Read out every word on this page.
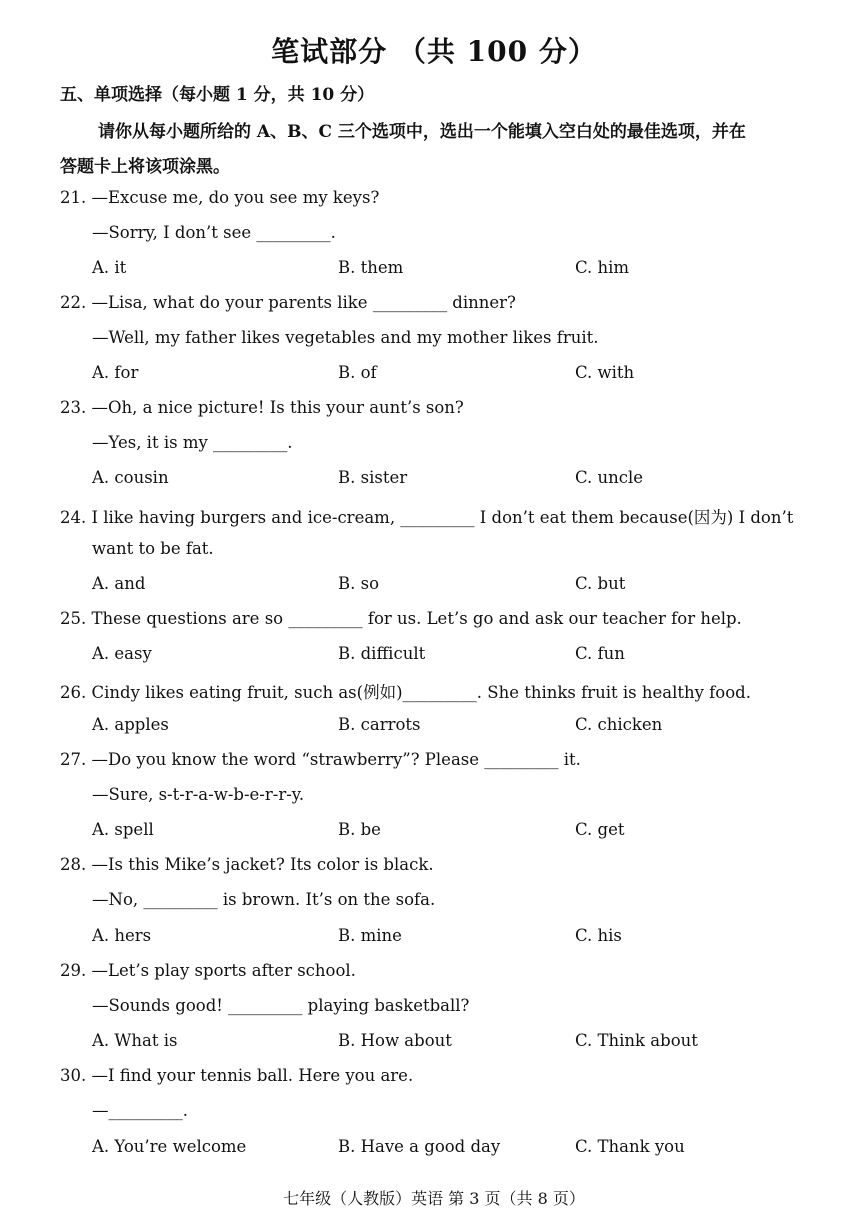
笔试部分 （共 100 分）
五、单项选择（每小题 1 分，共 10 分）
请你从每小题所给的 A、B、C 三个选项中，选出一个能填入空白处的最佳选项，并在
答题卡上将该项涂黑。
21. —Excuse me, do you see my keys?
—Sorry, I don’t see _________.
A. it	B. them	C. him
22. —Lisa, what do your parents like _________ dinner?
—Well, my father likes vegetables and my mother likes fruit.
A. for	B. of	C. with
23. —Oh, a nice picture! Is this your aunt’s son?
—Yes, it is my _________.
A. cousin	B. sister	C. uncle
24. I like having burgers and ice-cream, _________ I don’t eat them because(因为) I don’t
want to be fat.
A. and	B. so	C. but
25. These questions are so _________ for us. Let’s go and ask our teacher for help.
A. easy	B. difficult	C. fun
26. Cindy likes eating fruit, such as(例如)_________. She thinks fruit is healthy food.
A. apples	B. carrots	C. chicken
27. —Do you know the word “strawberry”? Please _________ it.
—Sure, s-t-r-a-w-b-e-r-r-y.
A. spell	B. be	C. get
28. —Is this Mike’s jacket? Its color is black.
—No, _________ is brown. It’s on the sofa.
A. hers	B. mine	C. his
29. —Let’s play sports after school.
—Sounds good! _________ playing basketball?
A. What is	B. How about	C. Think about
30. —I find your tennis ball. Here you are.
—_________.
A. You’re welcome	B. Have a good day	C. Thank you
七年级（人教版）英语 第 3 页（共 8 页）
